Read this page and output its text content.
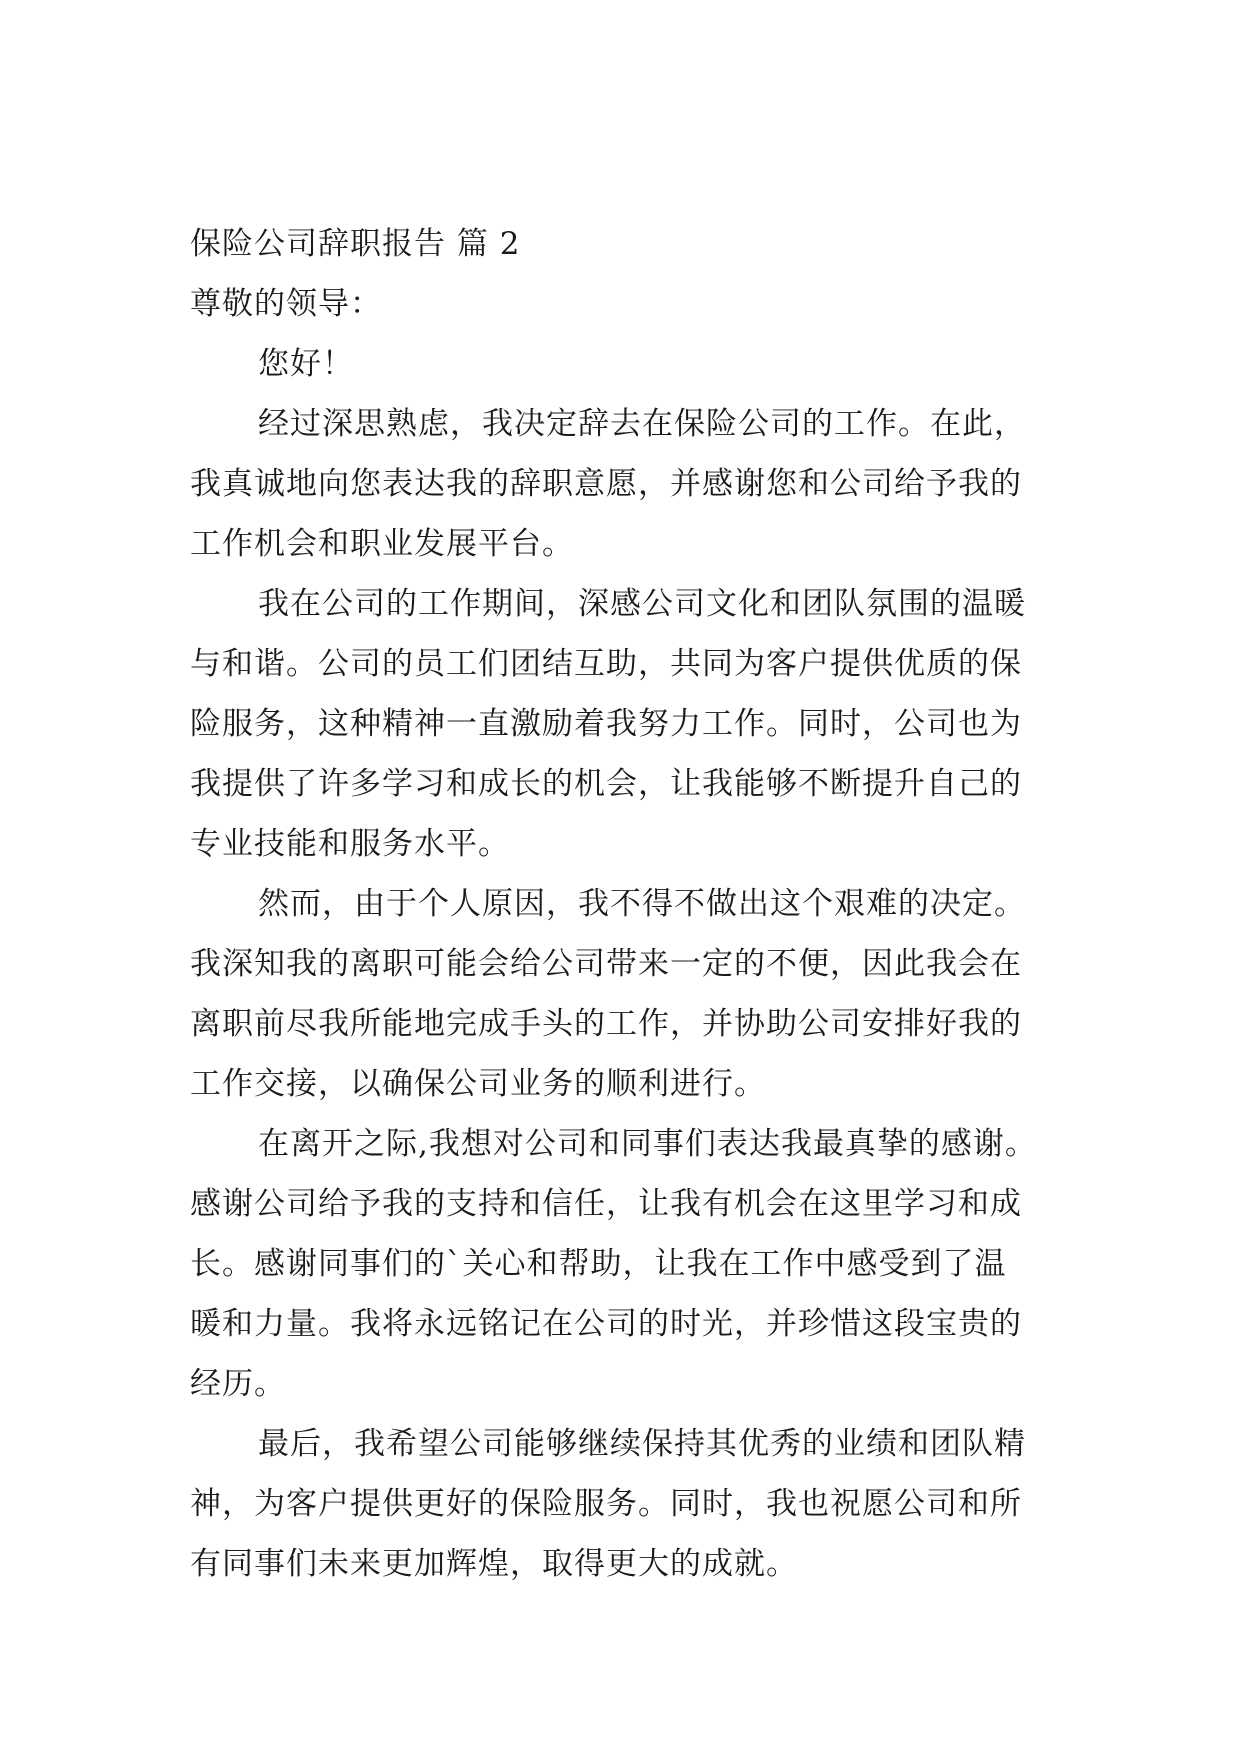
保险公司辞职报告 篇 2
尊敬的领导：
您好！
经过深思熟虑，我决定辞去在保险公司的工作。在此，
我真诚地向您表达我的辞职意愿，并感谢您和公司给予我的
工作机会和职业发展平台。
我在公司的工作期间，深感公司文化和团队氛围的温暖
与和谐。公司的员工们团结互助，共同为客户提供优质的保
险服务，这种精神一直激励着我努力工作。同时，公司也为
我提供了许多学习和成长的机会，让我能够不断提升自己的
专业技能和服务水平。
然而，由于个人原因，我不得不做出这个艰难的决定。
我深知我的离职可能会给公司带来一定的不便，因此我会在
离职前尽我所能地完成手头的工作，并协助公司安排好我的
工作交接，以确保公司业务的顺利进行。
在离开之际,我想对公司和同事们表达我最真挚的感谢。
感谢公司给予我的支持和信任，让我有机会在这里学习和成
长。感谢同事们的`关心和帮助，让我在工作中感受到了温
暖和力量。我将永远铭记在公司的时光，并珍惜这段宝贵的
经历。
最后，我希望公司能够继续保持其优秀的业绩和团队精
神，为客户提供更好的保险服务。同时，我也祝愿公司和所
有同事们未来更加辉煌，取得更大的成就。
